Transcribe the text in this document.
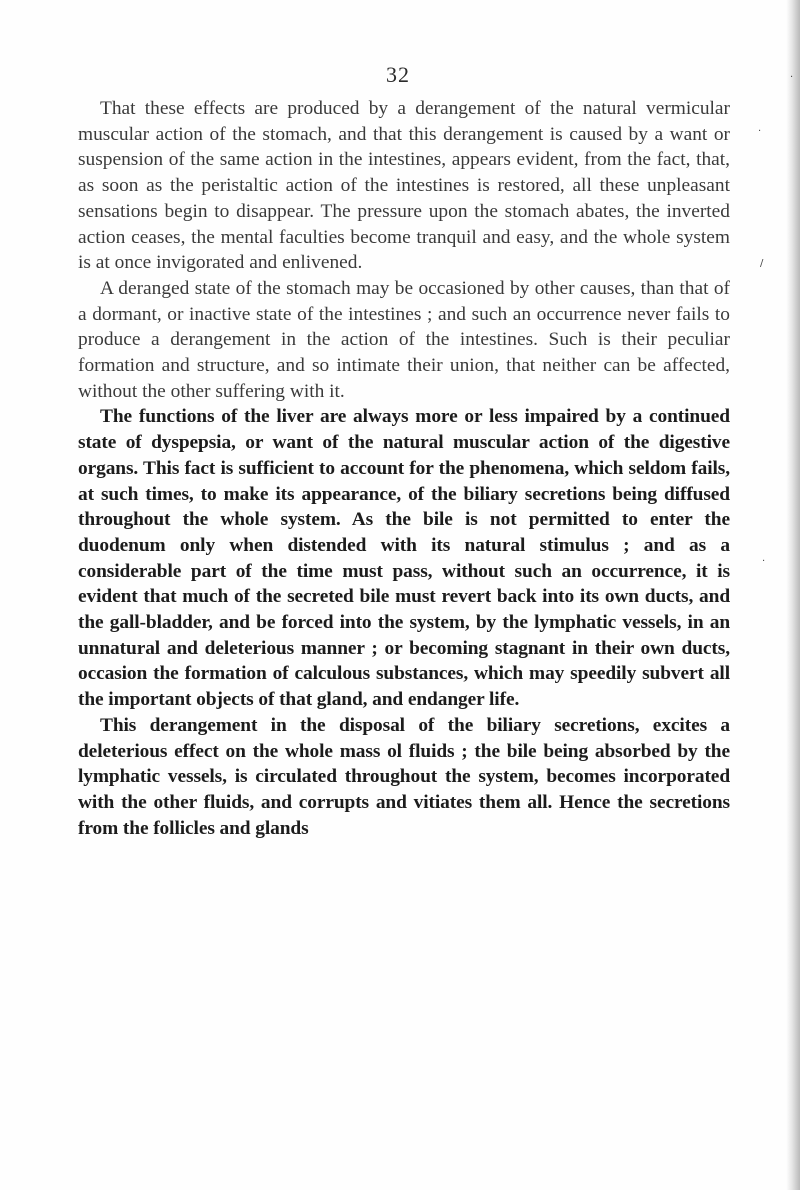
32

That these effects are produced by a derangement of the natural vermicular muscular action of the stomach, and that this derangement is caused by a want or suspension of the same action in the intestines, appears evident, from the fact, that, as soon as the peristaltic action of the intestines is restored, all these unpleasant sensations begin to disappear. The pressure upon the stomach abates, the inverted action ceases, the mental faculties become tranquil and easy, and the whole system is at once invigorated and enlivened.

A deranged state of the stomach may be occasioned by other causes, than that of a dormant, or inactive state of the intestines ; and such an occurrence never fails to produce a derangement in the action of the intestines. Such is their peculiar formation and structure, and so intimate their union, that neither can be affected, without the other suffering with it.

The functions of the liver are always more or less impaired by a continued state of dyspepsia, or want of the natural muscular action of the digestive organs. This fact is sufficient to account for the phenomena, which seldom fails, at such times, to make its appearance, of the biliary secretions being diffused throughout the whole system. As the bile is not permitted to enter the duodenum only when distended with its natural stimulus ; and as a considerable part of the time must pass, without such an occurrence, it is evident that much of the secreted bile must revert back into its own ducts, and the gall-bladder, and be forced into the system, by the lymphatic vessels, in an unnatural and deleterious manner ; or becoming stagnant in their own ducts, occasion the formation of calculous substances, which may speedily subvert all the important objects of that gland, and endanger life.

This derangement in the disposal of the biliary secretions, excites a deleterious effect on the whole mass ol fluids ; the bile being absorbed by the lymphatic vessels, is circulated throughout the system, becomes incorporated with the other fluids, and corrupts and vitiates them all. Hence the secretions from the follicles and glands

·
·
/
·
